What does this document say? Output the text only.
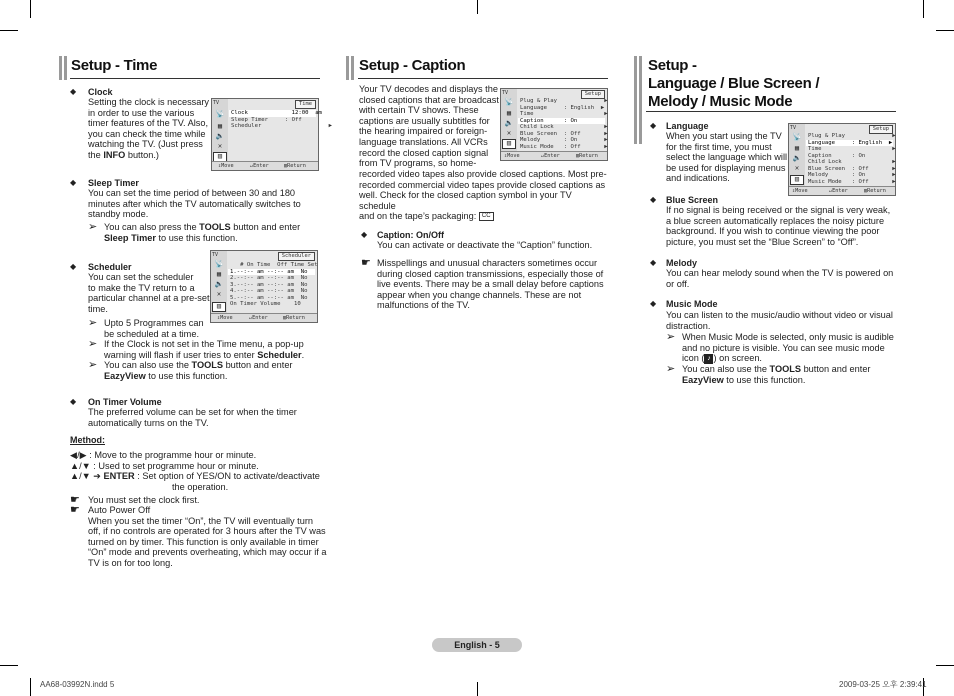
Setup - Time
◆ Clock
Setting the clock is necessary
in order to use the various
timer features of the TV. Also,
you can check the time while
watching the TV. (Just press
the INFO button.)
TV	Time
📡
▦
🔈
✕
▥
Clock             12:00  am
Sleep Timer     : Off
Scheduler                    ▶
⇕ Move	↵ Enter	▥ Return
◆ Sleep Timer
You can set the time period of between 30 and 180
minutes after which the TV automatically switches to
standby mode.
➢ You can also press the TOOLS button and enter
Sleep Timer to use this function.
◆ Scheduler
You can set the scheduler
to make the TV return to a
particular channel at a pre-set
time.
➢ Upto 5 Programmes can
be scheduled at a time.
➢ If the Clock is not set in the Time menu, a pop-up
warning will flash if user tries to enter Scheduler.
➢ You can also use the TOOLS button and enter
EazyView to use this function.
TV	Scheduler
📡
▦
🔈
✕
▥
# On Time  Off Time Set
1.--:-- am --:-- am  No
2.--:-- am --:-- am  No
3.--:-- am --:-- am  No
4.--:-- am --:-- am  No
5.--:-- am --:-- am  No
On Timer Volume    10
⇕ Move	↵ Enter	▥ Return
◆ On Timer Volume
The preferred volume can be set for when the timer
automatically turns on the TV.
Method:
◀/▶ : Move to the programme hour or minute.
▲/▼ : Used to set programme hour or minute.
▲/▼ ➔ ENTER : Set option of YES/ON to activate/deactivate
the operation.
☛ You must set the clock first.
☛ Auto Power Off
When you set the timer “On”, the TV will eventually turn
off, if no controls are operated for 3 hours after the TV was
turned on by timer. This function is only available in timer
“On” mode and prevents overheating, which may occur if a
TV is on for too long.
Setup - Caption
Your TV decodes and displays the
closed captions that are broadcast
with certain TV shows. These
captions are usually subtitles for
the hearing impaired or foreign-
language translations. All VCRs
record the closed caption signal
from TV programs, so home-
recorded video tapes also provide closed captions. Most pre-
recorded commercial video tapes provide closed captions as
well. Check for the closed caption symbol in your TV schedule
and on the tape’s packaging: CC
TV	Setup
📡
▦
🔈
✕
▥
Plug & Play              ▶
Language     : English  ▶
Time                     ▶
Caption      : On
Child Lock               ▶
Blue Screen  : Off       ▶
Melody       : On        ▶
Music Mode   : Off       ▶
⇕ Move	↵ Enter	▥ Return
◆ Caption: On/Off
You can activate or deactivate the “Caption” function.
☛ Misspellings and unusual characters sometimes occur
during closed caption transmissions, especially those of
live events. There may be a small delay before captions
appear when you change channels. These are not
malfunctions of the TV.
Setup -
Language / Blue Screen /
Melody / Music Mode
◆ Language
When you start using the TV
for the first time, you must
select the language which will
be used for displaying menus
and indications.
TV	Setup
📡
▦
🔈
✕
▥
Plug & Play              ▶
Language     : English  ▶
Time                     ▶
Caption      : On
Child Lock               ▶
Blue Screen  : Off       ▶
Melody       : On        ▶
Music Mode   : Off       ▶
⇕ Move	↵ Enter	▥ Return
◆ Blue Screen
If no signal is being received or the signal is very weak,
a blue screen automatically replaces the noisy picture
background. If you wish to continue viewing the poor
picture, you must set the “Blue Screen” to “Off”.
◆ Melody
You can hear melody sound when the TV is powered on
or off.
◆ Music Mode
You can listen to the music/audio without video or visual
distraction.
➢ When Music Mode is selected, only music is audible
and no picture is visible. You can see music mode
icon ( ♪ ) on screen.
➢ You can also use the TOOLS button and enter
EazyView to use this function.
English - 5
AA68-03992N.indd 5	2009-03-25 오후 2:39:41
